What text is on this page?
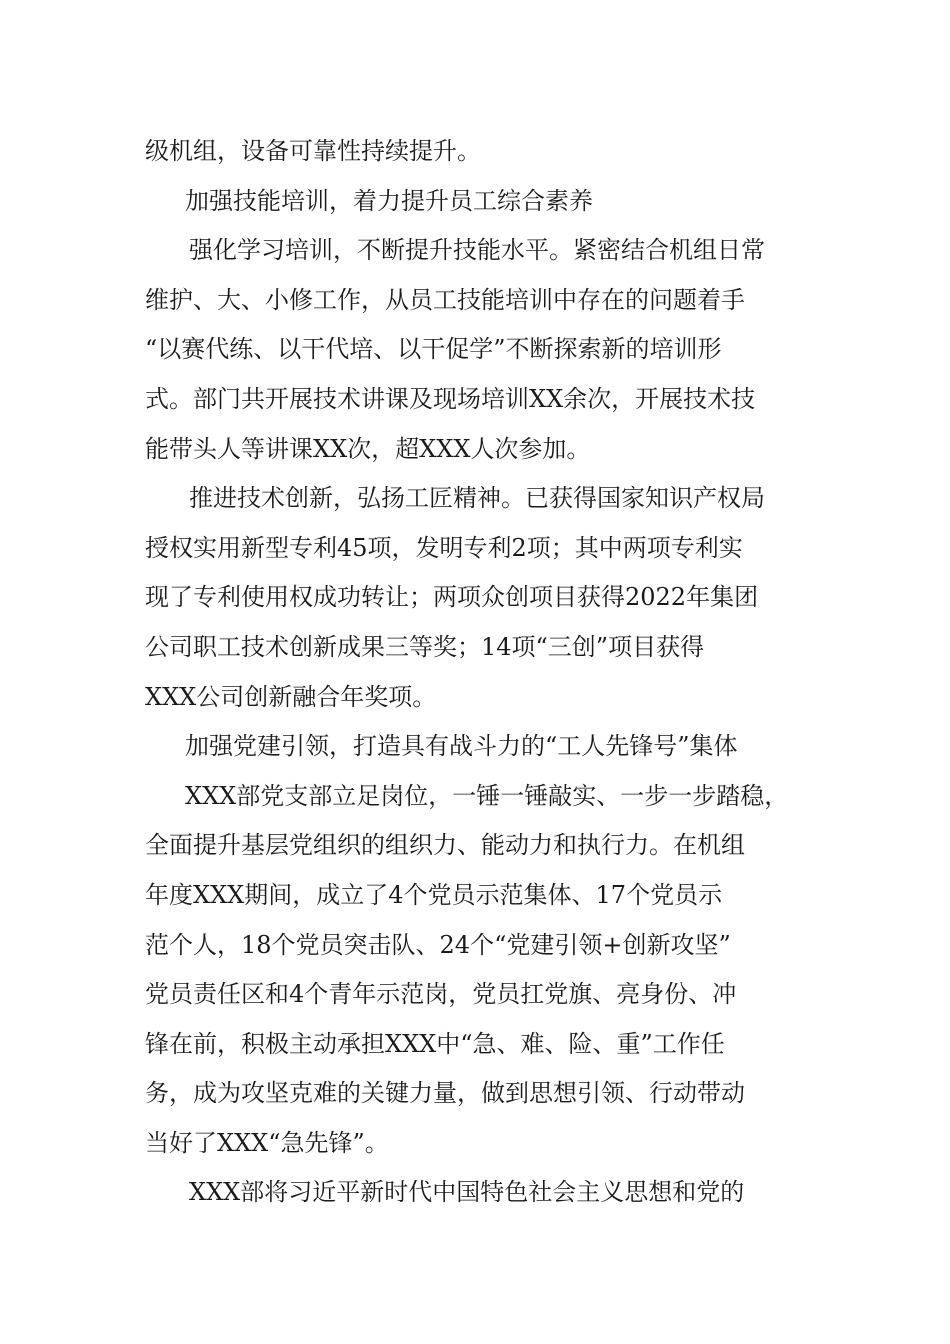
级机组，设备可靠性持续提升。
加强技能培训，着力提升员工综合素养
强化学习培训，不断提升技能水平。紧密结合机组日常
维护、大、小修工作，从员工技能培训中存在的问题着手
“以赛代练、以干代培、以干促学”不断探索新的培训形
式。部门共开展技术讲课及现场培训XX余次，开展技术技
能带头人等讲课XX次，超XXX人次参加。
推进技术创新，弘扬工匠精神。已获得国家知识产权局
授权实用新型专利45项，发明专利2项；其中两项专利实
现了专利使用权成功转让；两项众创项目获得2022年集团
公司职工技术创新成果三等奖；14项“三创”项目获得
XXX公司创新融合年奖项。
加强党建引领，打造具有战斗力的“工人先锋号”集体
XXX部党支部立足岗位，一锤一锤敲实、一步一步踏稳，
全面提升基层党组织的组织力、能动力和执行力。在机组
年度XXX期间，成立了4个党员示范集体、17个党员示
范个人，18个党员突击队、24个“党建引领+创新攻坚”
党员责任区和4个青年示范岗，党员扛党旗、亮身份、冲
锋在前，积极主动承担XXX中“急、难、险、重”工作任
务，成为攻坚克难的关键力量，做到思想引领、行动带动
当好了XXX“急先锋”。
XXX部将习近平新时代中国特色社会主义思想和党的
